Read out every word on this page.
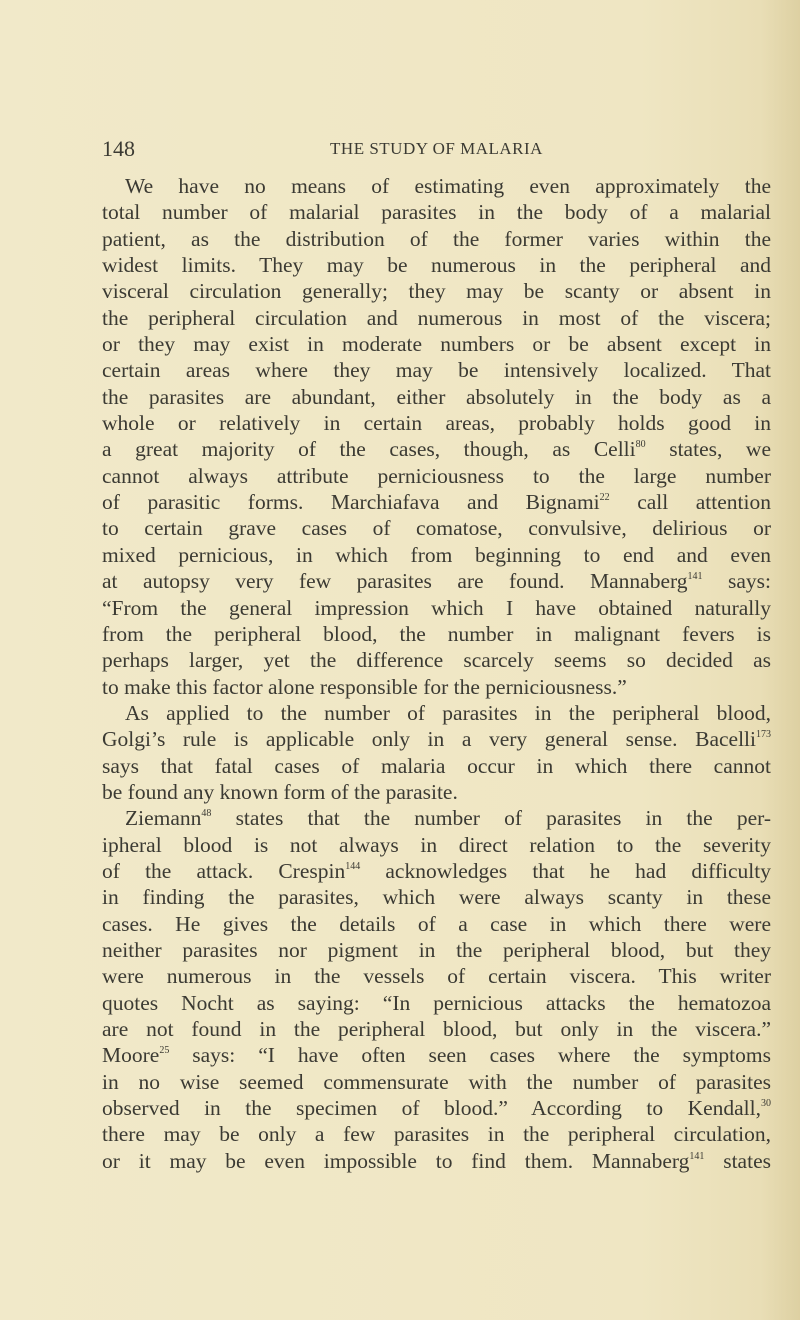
148	THE STUDY OF MALARIA
We have no means of estimating even approximately the
total number of malarial parasites in the body of a malarial
patient, as the distribution of the former varies within the
widest limits. They may be numerous in the peripheral and
visceral circulation generally; they may be scanty or absent in
the peripheral circulation and numerous in most of the viscera;
or they may exist in moderate numbers or be absent except in
certain areas where they may be intensively localized. That
the parasites are abundant, either absolutely in the body as a
whole or relatively in certain areas, probably holds good in
a great majority of the cases, though, as Celli$^{80}$ states, we
cannot always attribute perniciousness to the large number
of parasitic forms. Marchiafava and Bignami$^{22}$ call attention
to certain grave cases of comatose, convulsive, delirious or
mixed pernicious, in which from beginning to end and even
at autopsy very few parasites are found. Mannaberg$^{141}$ says:
“From the general impression which I have obtained naturally
from the peripheral blood, the number in malignant fevers is
perhaps larger, yet the difference scarcely seems so decided as
to make this factor alone responsible for the perniciousness.”
As applied to the number of parasites in the peripheral blood,
Golgi’s rule is applicable only in a very general sense. Bacelli$^{173}$
says that fatal cases of malaria occur in which there cannot
be found any known form of the parasite.
Ziemann$^{48}$ states that the number of parasites in the per-
ipheral blood is not always in direct relation to the severity
of the attack. Crespin$^{144}$ acknowledges that he had difficulty
in finding the parasites, which were always scanty in these
cases. He gives the details of a case in which there were
neither parasites nor pigment in the peripheral blood, but they
were numerous in the vessels of certain viscera. This writer
quotes Nocht as saying: “In pernicious attacks the hematozoa
are not found in the peripheral blood, but only in the viscera.”
Moore$^{25}$ says: “I have often seen cases where the symptoms
in no wise seemed commensurate with the number of parasites
observed in the specimen of blood.” According to Kendall,$^{30}$
there may be only a few parasites in the peripheral circulation,
or it may be even impossible to find them. Mannaberg$^{141}$ states
